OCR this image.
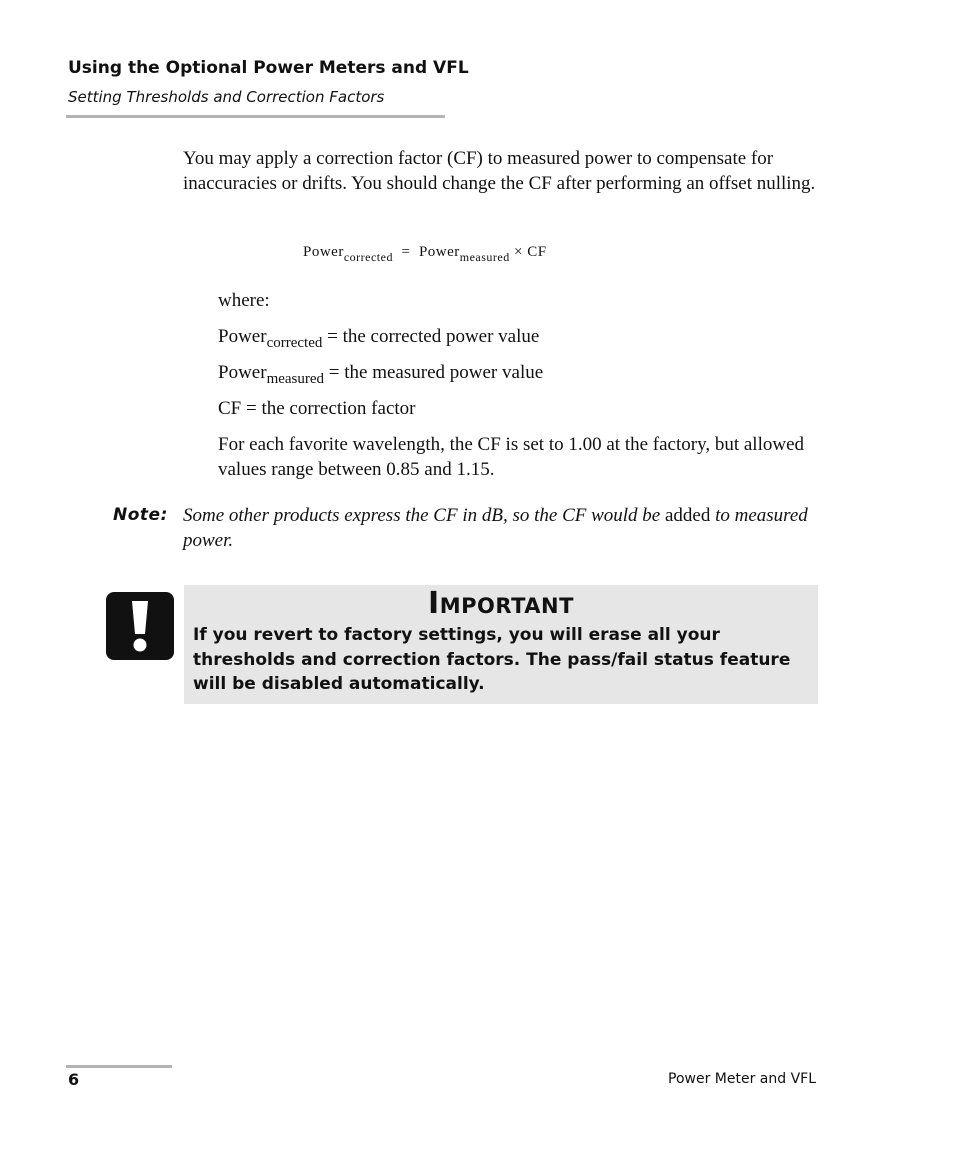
Using the Optional Power Meters and VFL
Setting Thresholds and Correction Factors

You may apply a correction factor (CF) to measured power to compensate for inaccuracies or drifts. You should change the CF after performing an offset nulling.

Power$_{corrected}$ = Power$_{measured}$ × CF

where:

Power$_{corrected}$ = the corrected power value

Power$_{measured}$ = the measured power value

CF = the correction factor

For each favorite wavelength, the CF is set to 1.00 at the factory, but allowed values range between 0.85 and 1.15.

Note: Some other products express the CF in dB, so the CF would be added to measured power.

Important

If you revert to factory settings, you will erase all your thresholds and correction factors. The pass/fail status feature will be disabled automatically.

6	Power Meter and VFL
